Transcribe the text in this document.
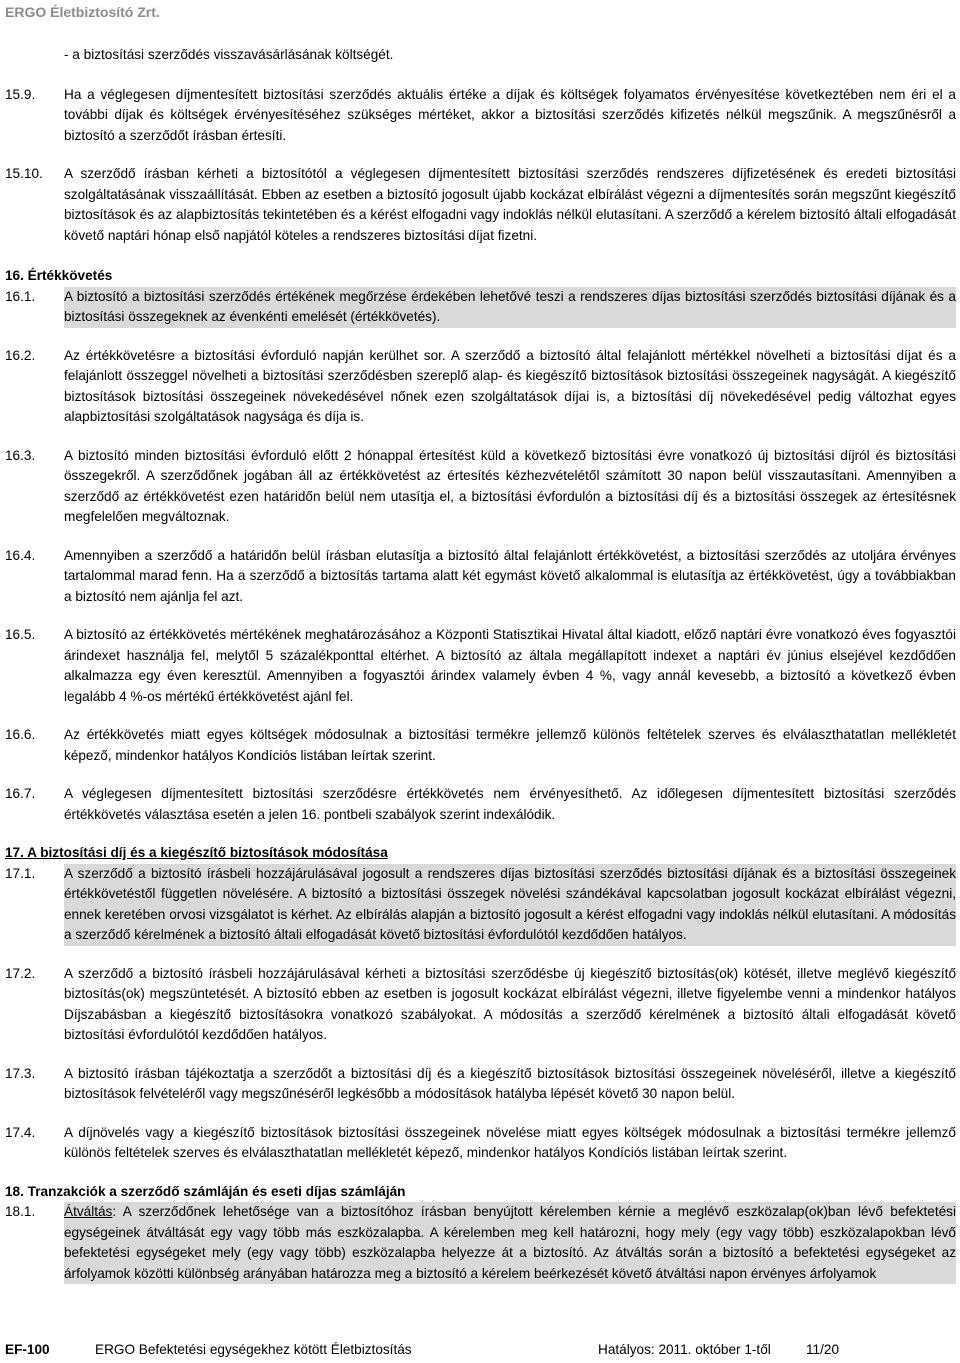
ERGO Életbiztosító Zrt.
- a biztosítási szerződés visszavásárlásának költségét.
15.9. Ha a véglegesen díjmentesített biztosítási szerződés aktuális értéke a díjak és költségek folyamatos érvényesítése következtében nem éri el a további díjak és költségek érvényesítéséhez szükséges mértéket, akkor a biztosítási szerződés kifizetés nélkül megszűnik. A megszűnésről a biztosító a szerződőt írásban értesíti.
15.10. A szerződő írásban kérheti a biztosítótól a véglegesen díjmentesített biztosítási szerződés rendszeres díjfizetésének és eredeti biztosítási szolgáltatásának visszaállítását. Ebben az esetben a biztosító jogosult újabb kockázat elbírálást végezni a díjmentesítés során megszűnt kiegészítő biztosítások és az alapbiztosítás tekintetében és a kérést elfogadni vagy indoklás nélkül elutasítani. A szerződő a kérelem biztosító általi elfogadását követő naptári hónap első napjától köteles a rendszeres biztosítási díjat fizetni.
16. Értékkövetés
16.1. A biztosító a biztosítási szerződés értékének megőrzése érdekében lehetővé teszi a rendszeres díjas biztosítási szerződés biztosítási díjának és a biztosítási összegeknek az évenkénti emelését (értékkövetés).
16.2. Az értékkövetésre a biztosítási évforduló napján kerülhet sor. A szerződő a biztosító által felajánlott mértékkel növelheti a biztosítási díjat és a felajánlott összeggel növelheti a biztosítási szerződésben szereplő alap- és kiegészítő biztosítások biztosítási összegeinek nagyságát. A kiegészítő biztosítások biztosítási összegeinek növekedésével nőnek ezen szolgáltatások díjai is, a biztosítási díj növekedésével pedig változhat egyes alapbiztosítási szolgáltatások nagysága és díja is.
16.3. A biztosító minden biztosítási évforduló előtt 2 hónappal értesítést küld a következő biztosítási évre vonatkozó új biztosítási díjról és biztosítási összegekről. A szerződőnek jogában áll az értékkövetést az értesítés kézhezvételétől számított 30 napon belül visszautasítani. Amennyiben a szerződő az értékkövetést ezen határidőn belül nem utasítja el, a biztosítási évfordulón a biztosítási díj és a biztosítási összegek az értesítésnek megfelelően megváltoznak.
16.4. Amennyiben a szerződő a határidőn belül írásban elutasítja a biztosító által felajánlott értékkövetést, a biztosítási szerződés az utoljára érvényes tartalommal marad fenn. Ha a szerződő a biztosítás tartama alatt két egymást követő alkalommal is elutasítja az értékkövetést, úgy a továbbiakban a biztosító nem ajánlja fel azt.
16.5. A biztosító az értékkövetés mértékének meghatározásához a Központi Statisztikai Hivatal által kiadott, előző naptári évre vonatkozó éves fogyasztói árindexet használja fel, melytől 5 százalékponttal eltérhet. A biztosító az általa megállapított indexet a naptári év június elsejével kezdődően alkalmazza egy éven keresztül. Amennyiben a fogyasztói árindex valamely évben 4 %, vagy annál kevesebb, a biztosító a következő évben legalább 4 %-os mértékű értékkövetést ajánl fel.
16.6. Az értékkövetés miatt egyes költségek módosulnak a biztosítási termékre jellemző különös feltételek szerves és elválaszthatatlan mellékletét képező, mindenkor hatályos Kondíciós listában leírtak szerint.
16.7. A véglegesen díjmentesített biztosítási szerződésre értékkövetés nem érvényesíthető. Az időlegesen díjmentesített biztosítási szerződés értékkövetés választása esetén a jelen 16. pontbeli szabályok szerint indexálódik.
17. A biztosítási díj és a kiegészítő biztosítások módosítása
17.1. A szerződő a biztosító írásbeli hozzájárulásával jogosult a rendszeres díjas biztosítási szerződés biztosítási díjának és a biztosítási összegeinek értékkövetéstől független növelésére. A biztosító a biztosítási összegek növelési szándékával kapcsolatban jogosult kockázat elbírálást végezni, ennek keretében orvosi vizsgálatot is kérhet. Az elbírálás alapján a biztosító jogosult a kérést elfogadni vagy indoklás nélkül elutasítani. A módosítás a szerződő kérelmének a biztosító általi elfogadását követő biztosítási évfordulótól kezdődően hatályos.
17.2. A szerződő a biztosító írásbeli hozzájárulásával kérheti a biztosítási szerződésbe új kiegészítő biztosítás(ok) kötését, illetve meglévő kiegészítő biztosítás(ok) megszüntetését. A biztosító ebben az esetben is jogosult kockázat elbírálást végezni, illetve figyelembe venni a mindenkor hatályos Díjszabásban a kiegészítő biztosításokra vonatkozó szabályokat. A módosítás a szerződő kérelmének a biztosító általi elfogadását követő biztosítási évfordulótól kezdődően hatályos.
17.3. A biztosító írásban tájékoztatja a szerződőt a biztosítási díj és a kiegészítő biztosítások biztosítási összegeinek növeléséről, illetve a kiegészítő biztosítások felvételéről vagy megszűnéséről legkésőbb a módosítások hatályba lépését követő 30 napon belül.
17.4. A díjnövelés vagy a kiegészítő biztosítások biztosítási összegeinek növelése miatt egyes költségek módosulnak a biztosítási termékre jellemző különös feltételek szerves és elválaszthatatlan mellékletét képező, mindenkor hatályos Kondíciós listában leírtak szerint.
18. Tranzakciók a szerződő számláján és eseti díjas számláján
18.1. Átváltás: A szerződőnek lehetősége van a biztosítóhoz írásban benyújtott kérelemben kérnie a meglévő eszközalap(ok)ban lévő befektetési egységeinek átváltását egy vagy több más eszközalapba. A kérelemben meg kell határozni, hogy mely (egy vagy több) eszközalapokban lévő befektetési egységeket mely (egy vagy több) eszközalapba helyezze át a biztosító. Az átváltás során a biztosító a befektetési egységeket az árfolyamok közötti különbség arányában határozza meg a biztosító a kérelem beérkezését követő átváltási napon érvényes árfolyamok
EF-100	ERGO Befektetési egységekhez kötött Életbiztosítás	Hatályos: 2011. október 1-től	11/20
